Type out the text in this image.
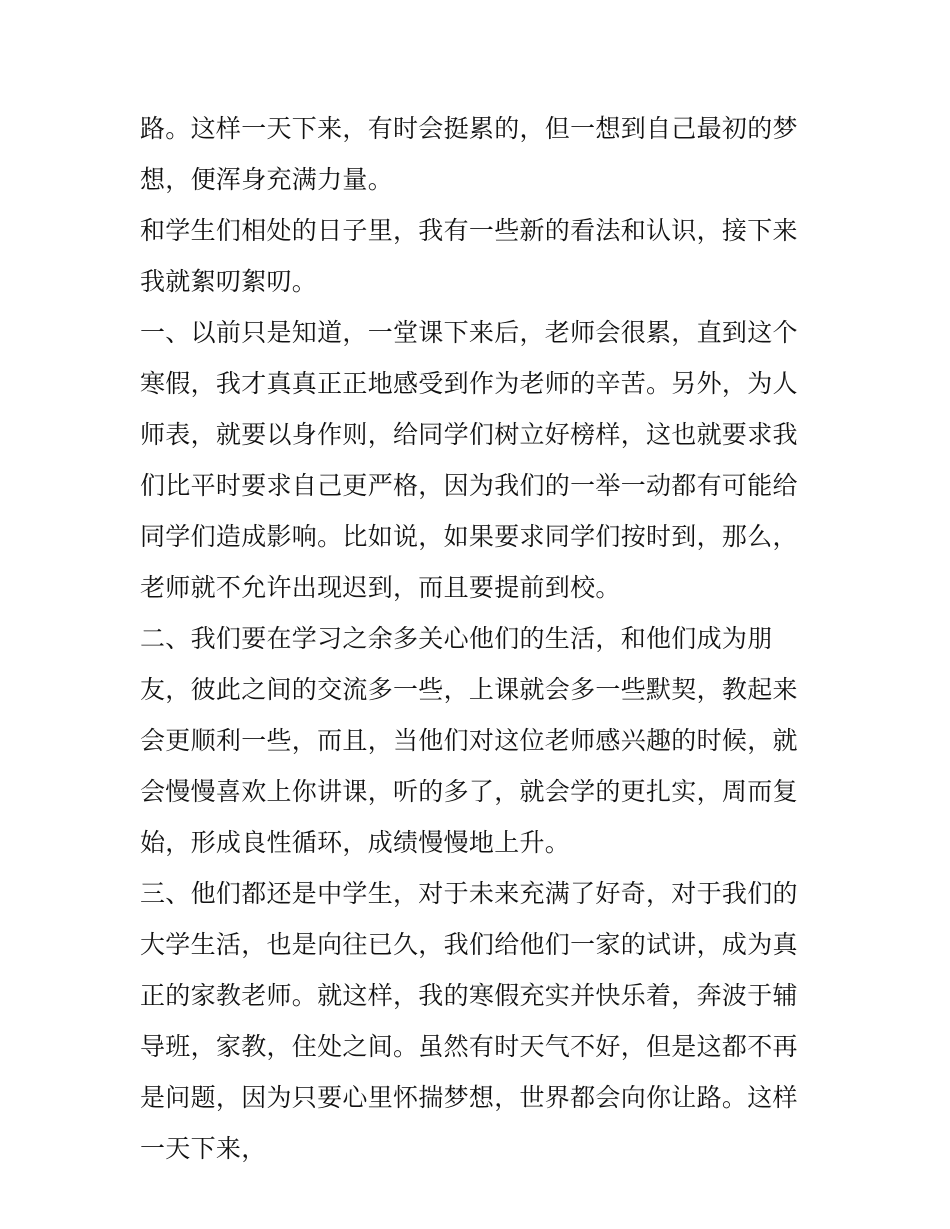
路。这样一天下来，有时会挺累的，但一想到自己最初的梦想，便浑身充满力量。

和学生们相处的日子里，我有一些新的看法和认识，接下来我就絮叨絮叨。

一、以前只是知道，一堂课下来后，老师会很累，直到这个寒假，我才真真正正地感受到作为老师的辛苦。另外，为人师表，就要以身作则，给同学们树立好榜样，这也就要求我们比平时要求自己更严格，因为我们的一举一动都有可能给同学们造成影响。比如说，如果要求同学们按时到，那么，老师就不允许出现迟到，而且要提前到校。

二、我们要在学习之余多关心他们的生活，和他们成为朋友，彼此之间的交流多一些，上课就会多一些默契，教起来会更顺利一些，而且，当他们对这位老师感兴趣的时候，就会慢慢喜欢上你讲课，听的多了，就会学的更扎实，周而复始，形成良性循环，成绩慢慢地上升。

三、他们都还是中学生，对于未来充满了好奇，对于我们的大学生活，也是向往已久，我们给他们一家的试讲，成为真正的家教老师。就这样，我的寒假充实并快乐着，奔波于辅导班，家教，住处之间。虽然有时天气不好，但是这都不再是问题，因为只要心里怀揣梦想，世界都会向你让路。这样一天下来，
